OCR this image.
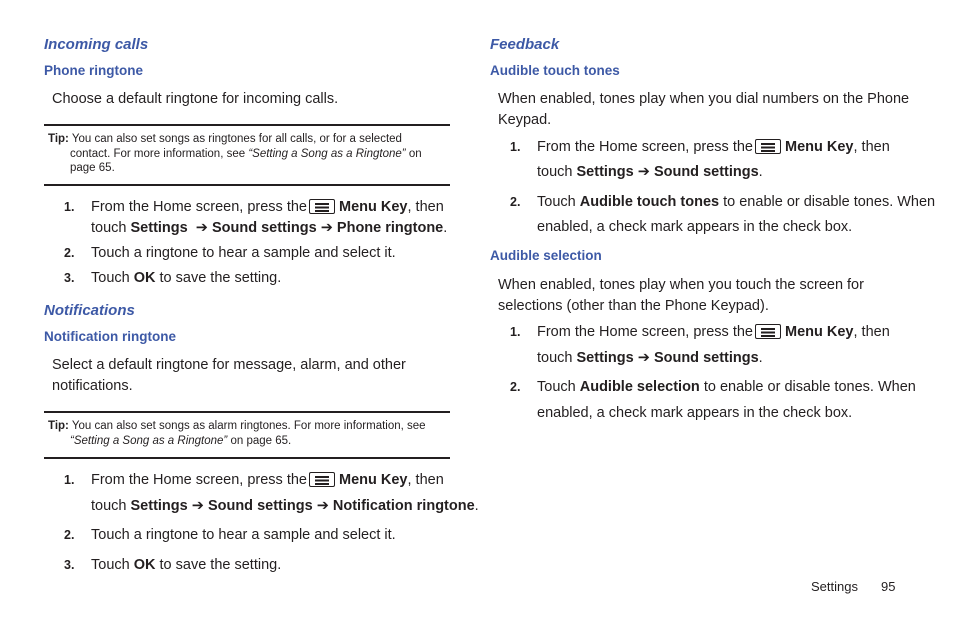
Incoming calls
Phone ringtone
Choose a default ringtone for incoming calls.
Tip: You can also set songs as ringtones for all calls, or for a selected
contact. For more information, see “Setting a Song as a Ringtone” on
page 65.
1. From the Home screen, press the Menu Key, then
touch Settings ➔ Sound settings ➔ Phone ringtone.
2. Touch a ringtone to hear a sample and select it.
3. Touch OK to save the setting.
Notifications
Notification ringtone
Select a default ringtone for message, alarm, and other
notifications.
Tip: You can also set songs as alarm ringtones. For more information, see
“Setting a Song as a Ringtone” on page 65.
1. From the Home screen, press the Menu Key, then
touch Settings ➔ Sound settings ➔ Notification ringtone.
2. Touch a ringtone to hear a sample and select it.
3. Touch OK to save the setting.
Feedback
Audible touch tones
When enabled, tones play when you dial numbers on the Phone
Keypad.
1. From the Home screen, press the Menu Key, then
touch Settings ➔ Sound settings.
2. Touch Audible touch tones to enable or disable tones. When
enabled, a check mark appears in the check box.
Audible selection
When enabled, tones play when you touch the screen for
selections (other than the Phone Keypad).
1. From the Home screen, press the Menu Key, then
touch Settings ➔ Sound settings.
2. Touch Audible selection to enable or disable tones. When
enabled, a check mark appears in the check box.
Settings 95
